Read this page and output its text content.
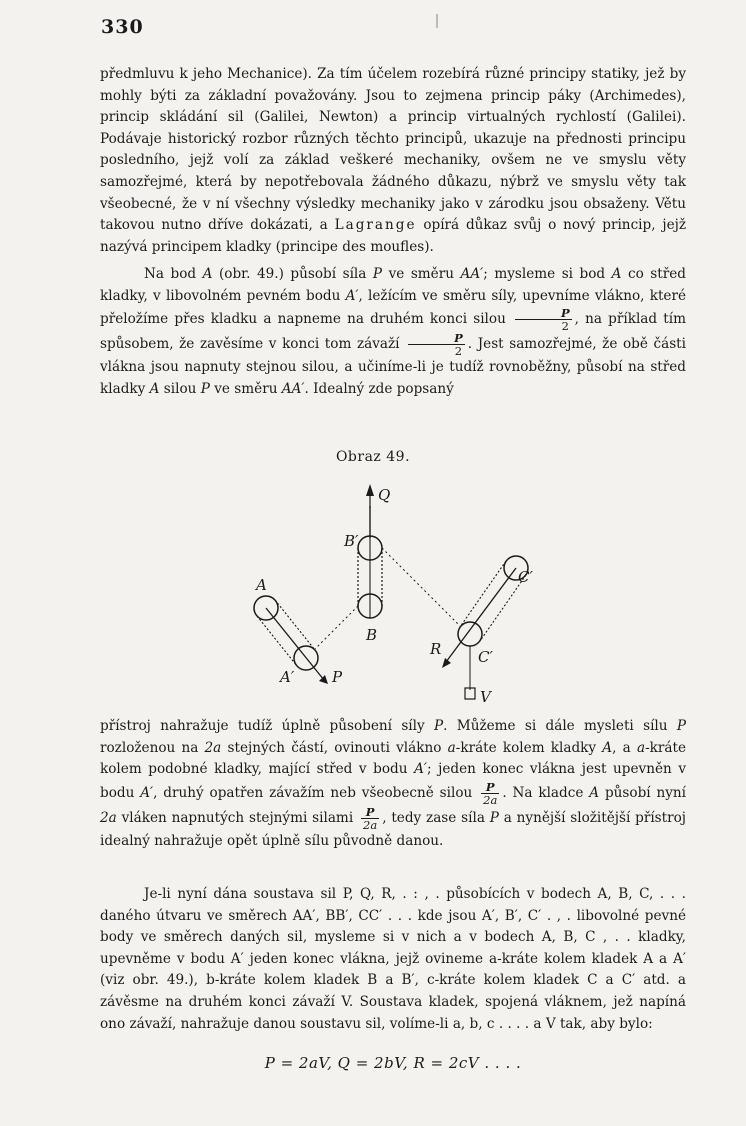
330

předmluvu k jeho Mechanice). Za tím účelem rozebírá různé principy statiky, jež by mohly býti za základní považovány. Jsou to zejmena princip páky (Archimedes), princip skládání sil (Galilei, Newton) a princip virtualných rychlostí (Galilei). Podávaje historický rozbor různých těchto principů, ukazuje na přednosti principu posledního, jejž volí za základ veškeré mechaniky, ovšem ne ve smyslu věty samozřejmé, která by nepotřebovala žádného důkazu, nýbrž ve smyslu věty tak všeobecné, že v ní všechny výsledky mechaniky jako v zárodku jsou obsaženy. Větu takovou nutno dříve dokázati, a Lagrange opírá důkaz svůj o nový princip, jejž nazývá principem kladky (principe des moufles).

Na bod A (obr. 49.) působí síla P ve směru AA′; mysleme si bod A co střed kladky, v libovolném pevném bodu A′, ležícím ve směru síly, upevníme vlákno, které přeložíme přes kladku a napneme na druhém konci silou $\frac{P}{2}$ , na příklad tím spůsobem, že zavěsíme v konci tom závaží $\frac{P}{2}$ . Jest samozřejmé, že obě části vlákna jsou napnuty stejnou silou, a učiníme-li je tudíž rovnoběžny, působí na střed kladky A silou P ve směru AA′. Idealný zde popsaný

Obraz 49.
Q
B′
C′
A
B
R C′
A′	P
V

přístroj nahražuje tudíž úplně působení síly P. Můžeme si dále mysleti sílu P rozloženou na 2a stejných částí, ovinouti vlákno a-kráte kolem kladky A, a a-kráte kolem podobné kladky, mající střed v bodu A′; jeden konec vlákna jest upevněn v bodu A′, druhý opatřen závažím neb všeobecně silou $\frac{P}{2a}$ . Na kladce A působí nyní 2a vláken napnutých stejnými silami $\frac{P}{2a}$ , tedy zase síla P a nynější složitější přístroj idealný nahražuje opět úplně sílu původně danou.

Je-li nyní dána soustava sil P, Q, R, . : , . působících v bodech A, B, C, . . . daného útvaru ve směrech AA′, BB′, CC′ . . . kde jsou A′, B′, C′ . , . libovolné pevné body ve směrech daných sil, mysleme si v nich a v bodech A, B, C , . . kladky, upevněme v bodu A′ jeden konec vlákna, jejž ovineme a-kráte kolem kladek A a A′ (viz obr. 49.), b-kráte kolem kladek B a B′, c-kráte kolem kladek C a C′ atd. a závěsme na druhém konci závaží V. Soustava kladek, spojená vláknem, jež napíná ono závaží, nahražuje danou soustavu sil, volíme-li a, b, c . . . . a V tak, aby bylo:

P = 2aV, Q = 2bV, R = 2cV . . . .
